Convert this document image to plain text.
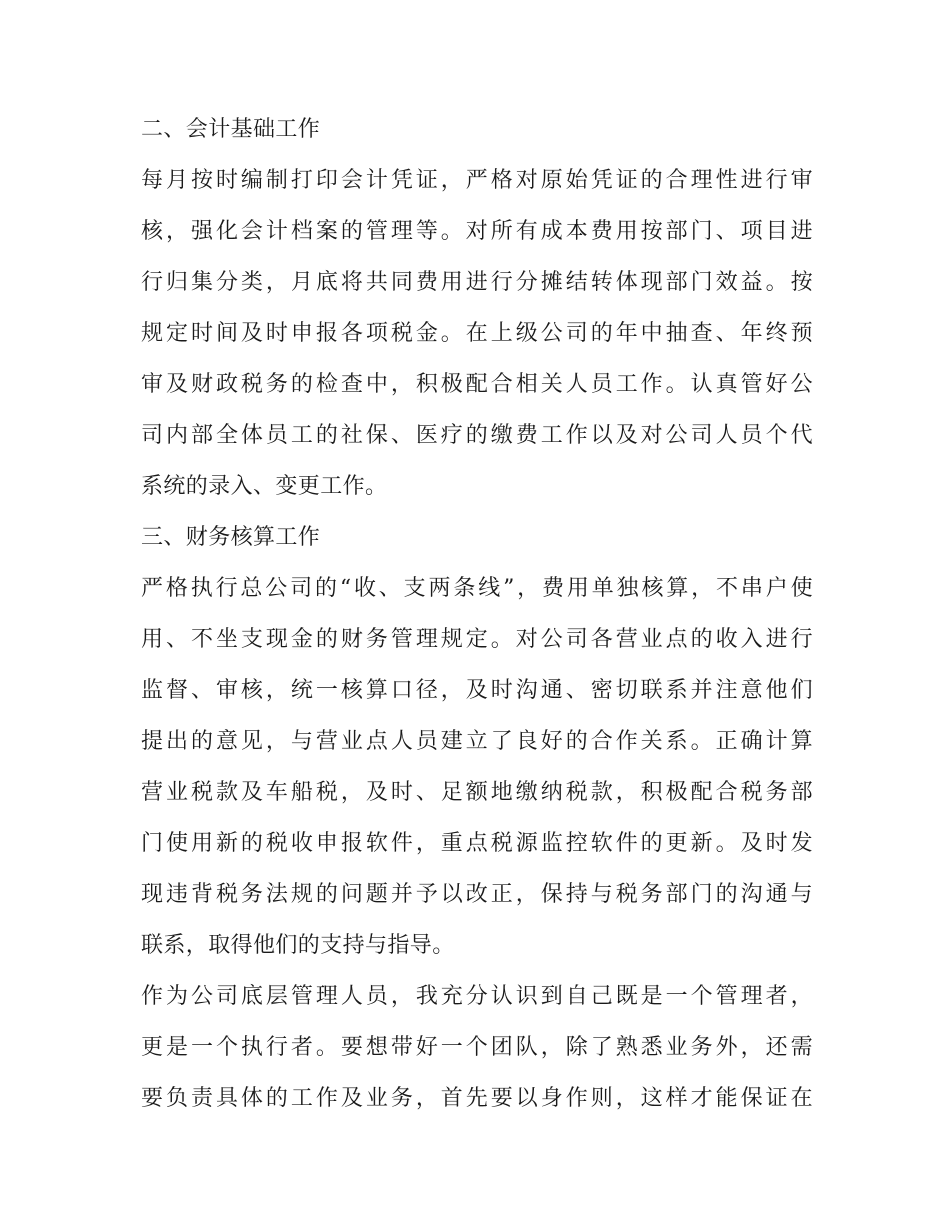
二、会计基础工作
每月按时编制打印会计凭证，严格对原始凭证的合理性进行审
核，强化会计档案的管理等。对所有成本费用按部门、项目进
行归集分类，月底将共同费用进行分摊结转体现部门效益。按
规定时间及时申报各项税金。在上级公司的年中抽查、年终预
审及财政税务的检查中，积极配合相关人员工作。认真管好公
司内部全体员工的社保、医疗的缴费工作以及对公司人员个代
系统的录入、变更工作。
三、财务核算工作
严格执行总公司的“收、支两条线”，费用单独核算，不串户使
用、不坐支现金的财务管理规定。对公司各营业点的收入进行
监督、审核，统一核算口径，及时沟通、密切联系并注意他们
提出的意见，与营业点人员建立了良好的合作关系。正确计算
营业税款及车船税，及时、足额地缴纳税款，积极配合税务部
门使用新的税收申报软件，重点税源监控软件的更新。及时发
现违背税务法规的问题并予以改正，保持与税务部门的沟通与
联系，取得他们的支持与指导。
作为公司底层管理人员，我充分认识到自己既是一个管理者，
更是一个执行者。要想带好一个团队，除了熟悉业务外，还需
要负责具体的工作及业务，首先要以身作则，这样才能保证在
